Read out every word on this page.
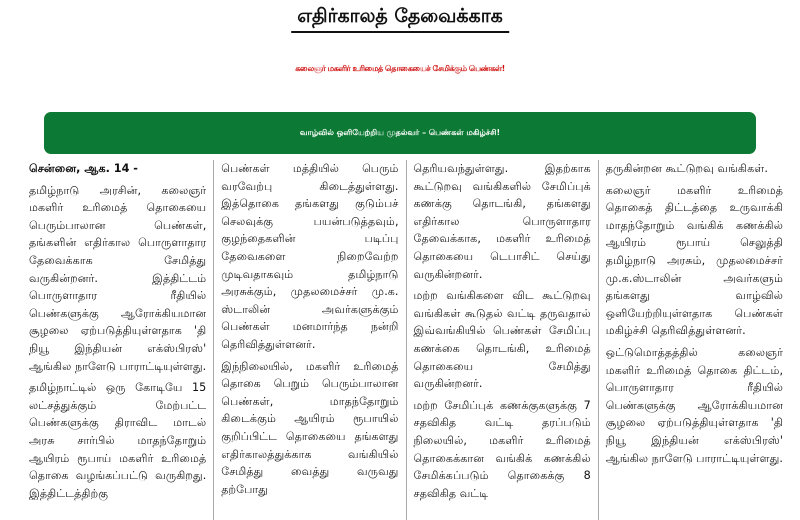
எதிர்காலத் தேவைக்காக
கலைஞர் மகளிர் உரிமைத் தொகையைச் சேமிக்கும் பெண்கள்!
வாழ்வில் ஒளியேற்றிய முதல்வர் – பெண்கள் மகிழ்ச்சி!

சென்னை, ஆக. 14 -

தமிழ்நாடு அரசின், கலைஞர் மகளிர் உரிமைத் தொகையை பெரும்பாலான பெண்கள், தங்களின் எதிர்கால பொருளாதார தேவைக்காக சேமித்து வருகின்றனர். இத்திட்டம் பொருளாதார ரீதியில் பெண்களுக்கு ஆரோக்கியமான சூழலை ஏற்படுத்தியுள்ளதாக 'தி நியூ இந்தியன் எக்ஸ்பிரஸ்' ஆங்கில நாளேடு பாராட்டியுள்ளது.

தமிழ்நாட்டில் ஒரு கோடியே 15 லட்சத்துக்கும் மேற்பட்ட பெண்களுக்கு திராவிட மாடல் அரசு சார்பில் மாதந்தோறும் ஆயிரம் ரூபாய் மகளிர் உரிமைத் தொகை வழங்கப்பட்டு வருகிறது. இத்திட்டத்திற்கு

பெண்கள் மத்தியில் பெரும் வரவேற்பு கிடைத்துள்ளது. இத்தொகை தங்களது குடும்பச் செலவுக்கு பயன்படுத்தவும், குழந்தைகளின் படிப்பு தேவைகளை நிறைவேற்ற முடிவதாகவும் தமிழ்நாடு அரசுக்கும், முதலமைச்சர் மு.க. ஸ்டாலின் அவர்களுக்கும் பெண்கள் மனமார்ந்த நன்றி தெரிவித்துள்ளனர்.

இந்நிலையில், மகளிர் உரிமைத் தொகை பெறும் பெரும்பாலான பெண்கள், மாதந்தோறும் கிடைக்கும் ஆயிரம் ரூபாயில் குறிப்பிட்ட தொகையை தங்களது எதிர்காலத்துக்காக வங்கியில் சேமித்து வைத்து வருவது தற்போது

தெரியவந்துள்ளது. இதற்காக கூட்டுறவு வங்கிகளில் சேமிப்புக் கணக்கு தொடங்கி, தங்களது எதிர்கால பொருளாதார தேவைக்காக, மகளிர் உரிமைத் தொகையை டெபாசிட் செய்து வருகின்றனர்.

மற்ற வங்கிகளை விட கூட்டுறவு வங்கிகள் கூடுதல் வட்டி தருவதால் இவ்வங்கியில் பெண்கள் சேமிப்பு கணக்கை தொடங்கி, உரிமைத் தொகையை சேமித்து வருகின்றனர்.

மற்ற சேமிப்புக் கணக்குகளுக்கு 7 சதவிகித வட்டி தரப்படும் நிலையில், மகளிர் உரிமைத் தொகைக்கான வங்கிக் கணக்கில் சேமிக்கப்படும் தொகைக்கு 8 சதவிகித வட்டி

தருகின்றன கூட்டுறவு வங்கிகள்.

கலைஞர் மகளிர் உரிமைத் தொகைத் திட்டத்தை உருவாக்கி மாதந்தோறும் வங்கிக் கணக்கில் ஆயிரம் ரூபாய் செலுத்தி தமிழ்நாடு அரசும், முதலமைச்சர் மு.க.ஸ்டாலின் அவர்களும் தங்களது வாழ்வில் ஒளியேற்றியுள்ளதாக பெண்கள் மகிழ்ச்சி தெரிவித்துள்ளனர்.

ஒட்டுமொத்தத்தில் கலைஞர் மகளிர் உரிமைத் தொகை திட்டம், பொருளாதார ரீதியில் பெண்களுக்கு ஆரோக்கியமான சூழலை ஏற்படுத்தியுள்ளதாக 'தி நியூ இந்தியன் எக்ஸ்பிரஸ்' ஆங்கில நாளேடு பாராட்டியுள்ளது.
